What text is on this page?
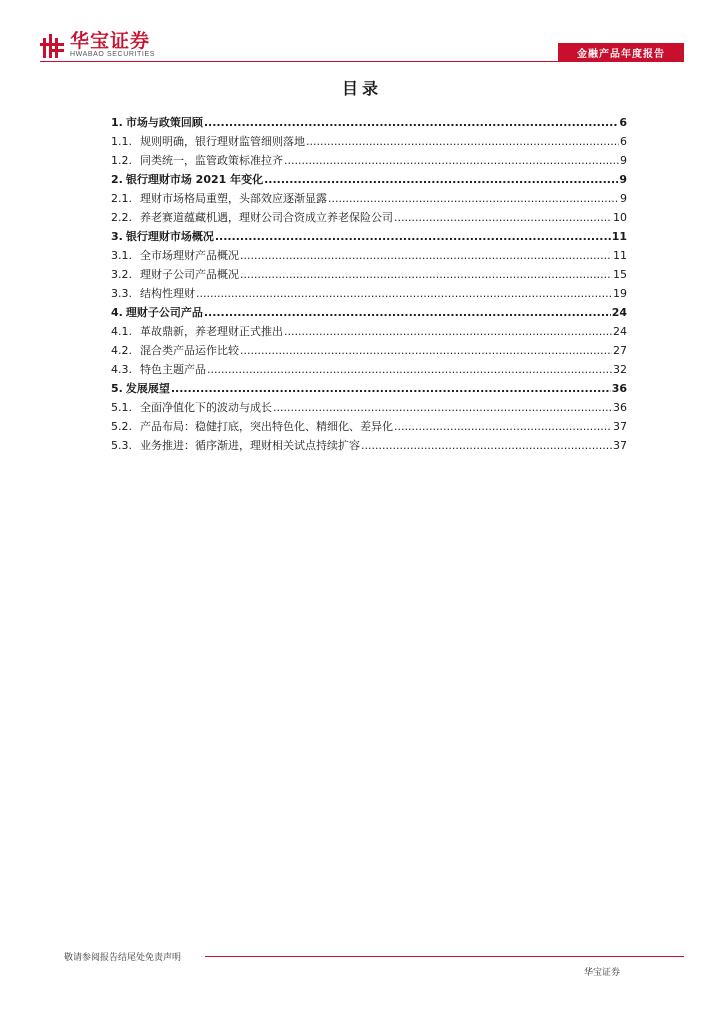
华宝证券
HWABAO SECURITIES	金融产品年度报告
目录
1. 市场与政策回顾 .....	6
1.1. 规则明确，银行理财监管细则落地 .....	6
1.2. 同类统一，监管政策标准拉齐 .....	9
2. 银行理财市场 2021 年变化 .....	9
2.1. 理财市场格局重塑，头部效应逐渐显露 .....	9
2.2. 养老赛道蕴藏机遇，理财公司合资成立养老保险公司 .....	10
3. 银行理财市场概况 .....	11
3.1. 全市场理财产品概况 .....	11
3.2. 理财子公司产品概况 .....	15
3.3. 结构性理财 .....	19
4. 理财子公司产品 .....	24
4.1. 革故鼎新，养老理财正式推出 .....	24
4.2. 混合类产品运作比较 .....	27
4.3. 特色主题产品 .....	32
5. 发展展望 .....	36
5.1. 全面净值化下的波动与成长 .....	36
5.2. 产品布局：稳健打底，突出特色化、精细化、差异化 .....	37
5.3. 业务推进：循序渐进，理财相关试点持续扩容 .....	37
敬请参阅报告结尾处免责声明
华宝证券
